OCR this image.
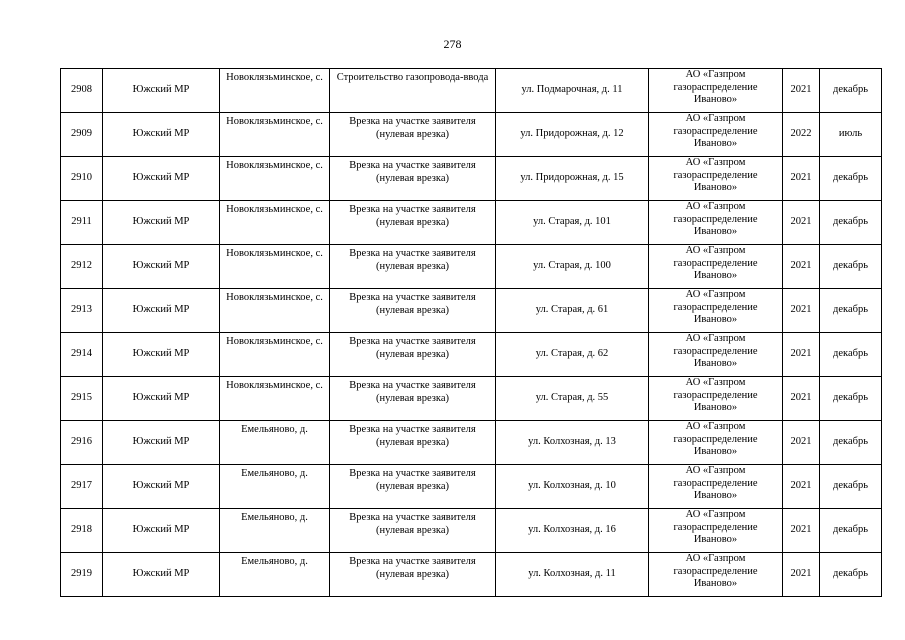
278
2908	Южский МР	Новоклязьминское, с.	Строительство газопровода-ввода	ул. Подмарочная, д. 11	АО «Газпром
газораспределение
Иваново»	2021	декабрь
2909	Южский МР	Новоклязьминское, с.	Врезка на участке заявителя (нулевая врезка)	ул. Придорожная, д. 12	АО «Газпром
газораспределение
Иваново»	2022	июль
2910	Южский МР	Новоклязьминское, с.	Врезка на участке заявителя (нулевая врезка)	ул. Придорожная, д. 15	АО «Газпром
газораспределение
Иваново»	2021	декабрь
2911	Южский МР	Новоклязьминское, с.	Врезка на участке заявителя (нулевая врезка)	ул. Старая, д. 101	АО «Газпром
газораспределение
Иваново»	2021	декабрь
2912	Южский МР	Новоклязьминское, с.	Врезка на участке заявителя (нулевая врезка)	ул. Старая, д. 100	АО «Газпром
газораспределение
Иваново»	2021	декабрь
2913	Южский МР	Новоклязьминское, с.	Врезка на участке заявителя (нулевая врезка)	ул. Старая, д. 61	АО «Газпром
газораспределение
Иваново»	2021	декабрь
2914	Южский МР	Новоклязьминское, с.	Врезка на участке заявителя (нулевая врезка)	ул. Старая, д. 62	АО «Газпром
газораспределение
Иваново»	2021	декабрь
2915	Южский МР	Новоклязьминское, с.	Врезка на участке заявителя (нулевая врезка)	ул. Старая, д. 55	АО «Газпром
газораспределение
Иваново»	2021	декабрь
2916	Южский МР	Емельяново, д.	Врезка на участке заявителя (нулевая врезка)	ул. Колхозная, д. 13	АО «Газпром
газораспределение
Иваново»	2021	декабрь
2917	Южский МР	Емельяново, д.	Врезка на участке заявителя (нулевая врезка)	ул. Колхозная, д. 10	АО «Газпром
газораспределение
Иваново»	2021	декабрь
2918	Южский МР	Емельяново, д.	Врезка на участке заявителя (нулевая врезка)	ул. Колхозная, д. 16	АО «Газпром
газораспределение
Иваново»	2021	декабрь
2919	Южский МР	Емельяново, д.	Врезка на участке заявителя (нулевая врезка)	ул. Колхозная, д. 11	АО «Газпром
газораспределение
Иваново»	2021	декабрь
